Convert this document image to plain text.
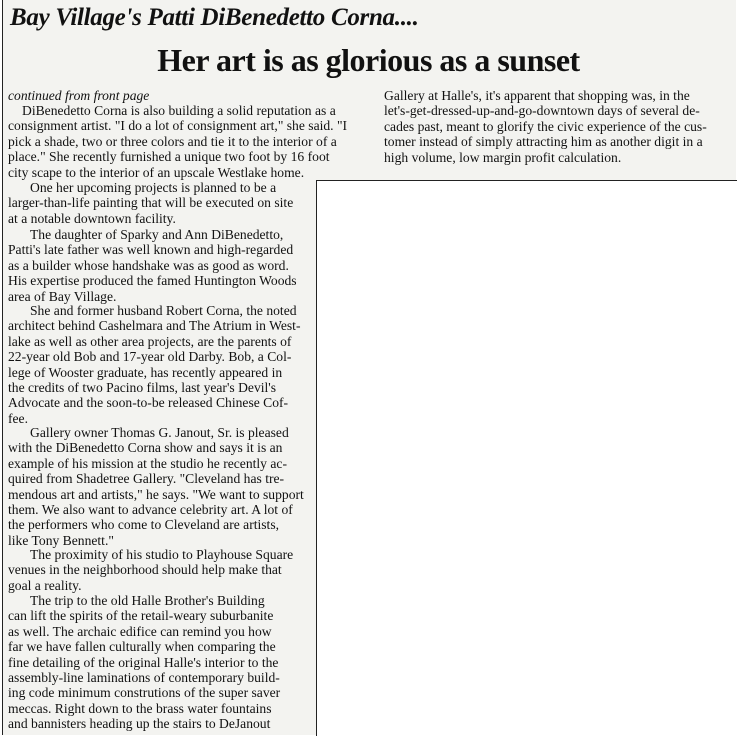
Bay Village's Patti DiBenedetto Corna....
Her art is as glorious as a sunset
continued from front page
DiBenedetto Corna is also building a solid reputation as a
consignment artist. "I do a lot of consignment art," she said. "I
pick a shade, two or three colors and tie it to the interior of a
place." She recently furnished a unique two foot by 16 foot
city scape to the interior of an upscale Westlake home.
One her upcoming projects is planned to be a
larger-than-life painting that will be executed on site
at a notable downtown facility.
The daughter of Sparky and Ann DiBenedetto,
Patti's late father was well known and high-regarded
as a builder whose handshake was as good as word.
His expertise produced the famed Huntington Woods
area of Bay Village.
She and former husband Robert Corna, the noted
architect behind Cashelmara and The Atrium in West-
lake as well as other area projects, are the parents of
22-year old Bob and 17-year old Darby. Bob, a Col-
lege of Wooster graduate, has recently appeared in
the credits of two Pacino films, last year's Devil's
Advocate and the soon-to-be released Chinese Cof-
fee.
Gallery owner Thomas G. Janout, Sr. is pleased
with the DiBenedetto Corna show and says it is an
example of his mission at the studio he recently ac-
quired from Shadetree Gallery. "Cleveland has tre-
mendous art and artists," he says. "We want to support
them. We also want to advance celebrity art. A lot of
the performers who come to Cleveland are artists,
like Tony Bennett."
The proximity of his studio to Playhouse Square
venues in the neighborhood should help make that
goal a reality.
The trip to the old Halle Brother's Building
can lift the spirits of the retail-weary suburbanite
as well. The archaic edifice can remind you how
far we have fallen culturally when comparing the
fine detailing of the original Halle's interior to the
assembly-line laminations of contemporary build-
ing code minimum construtions of the super saver
meccas. Right down to the brass water fountains
and bannisters heading up the stairs to DeJanout
Gallery at Halle's, it's apparent that shopping was, in the
let's-get-dressed-up-and-go-downtown days of several de-
cades past, meant to glorify the civic experience of the cus-
tomer instead of simply attracting him as another digit in a
high volume, low margin profit calculation.
